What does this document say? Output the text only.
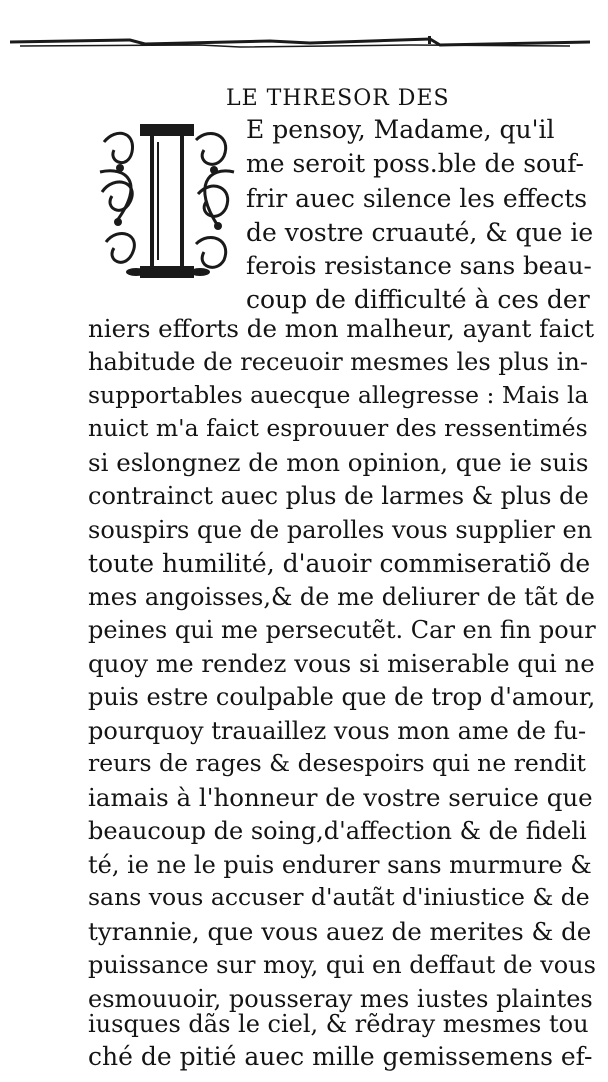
LE THRESOR DES
E pensoy, Madame, qu'il
me seroit poss.ble de souf-
frir auec silence les effects
de vostre cruauté, & que ie
ferois resistance sans beau-
coup de difficulté à ces der
niers efforts de mon malheur, ayant faict
habitude de receuoir mesmes les plus in-
supportables auecque allegresse : Mais la
nuict m'a faict esprouuer des ressentimés
si eslongnez de mon opinion, que ie suis
contrainct auec plus de larmes & plus de
souspirs que de parolles vous supplier en
toute humilité, d'auoir commiseratiõ de
mes angoisses,& de me deliurer de tãt de
peines qui me persecutẽt. Car en fin pour
quoy me rendez vous si miserable qui ne
puis estre coulpable que de trop d'amour,
pourquoy trauaillez vous mon ame de fu-
reurs de rages & desespoirs qui ne rendit
iamais à l'honneur de vostre seruice que
beaucoup de soing,d'affection & de fideli
té, ie ne le puis endurer sans murmure &
sans vous accuser d'autãt d'iniustice & de
tyrannie, que vous auez de merites & de
puissance sur moy, qui en deffaut de vous
esmouuoir, pousseray mes iustes plaintes
iusques dãs le ciel, & rẽdray mesmes tou
ché de pitié auec mille gemissemens ef-
